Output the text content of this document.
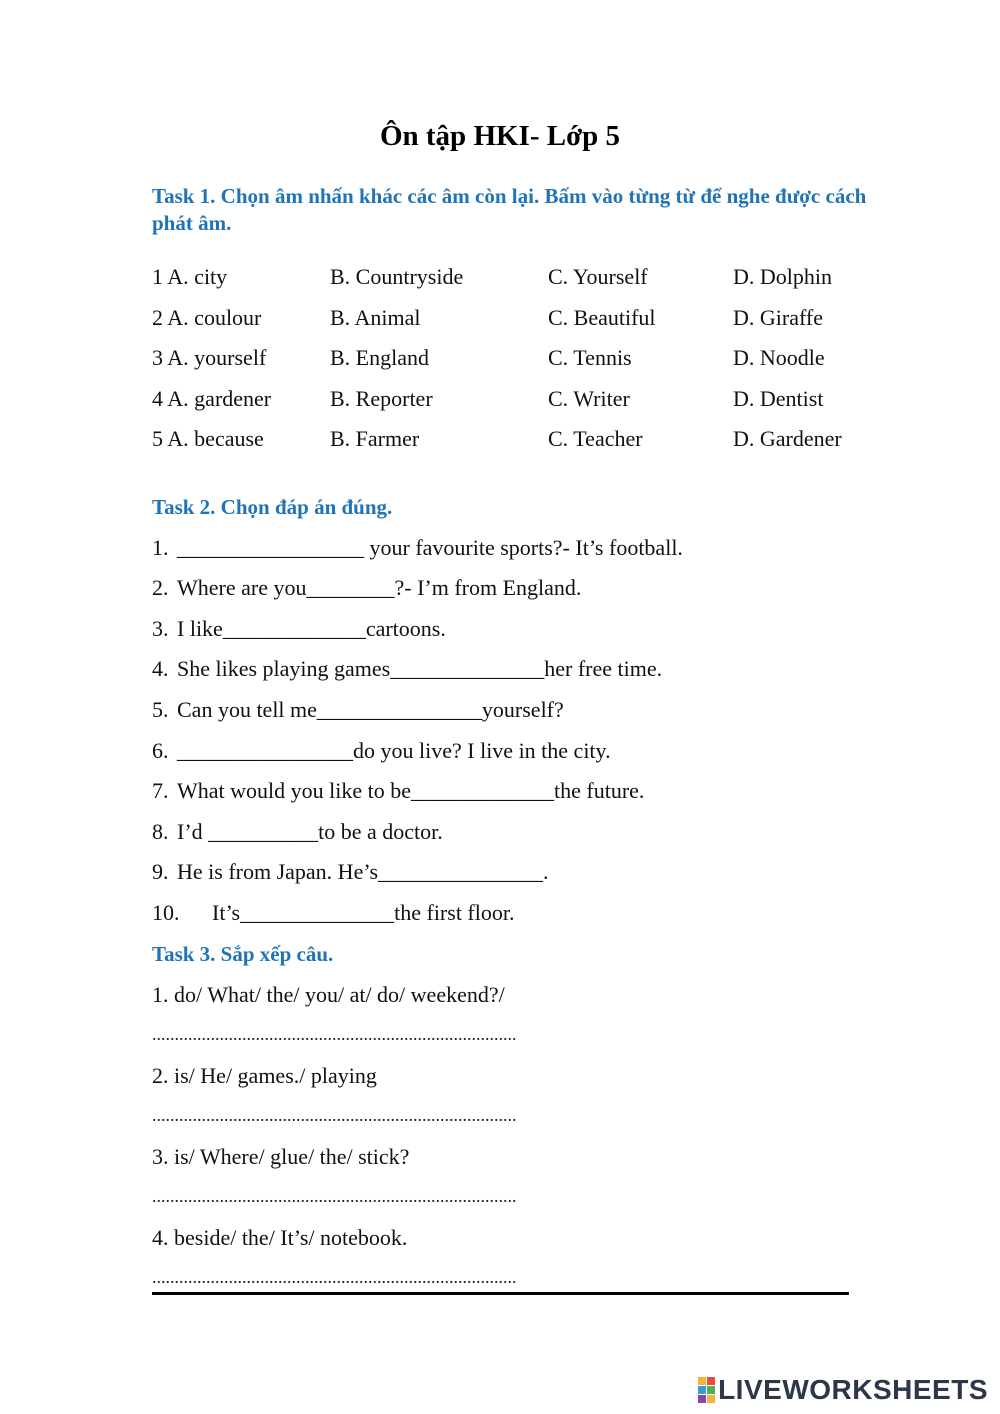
Ôn tập HKI- Lớp 5
Task 1. Chọn âm nhấn khác các âm còn lại. Bấm vào từng từ để nghe được cách phát âm.
1 A. city	B. Countryside	C. Yourself	D. Dolphin
2 A. coulour	B. Animal	C. Beautiful	D. Giraffe
3 A. yourself	B. England	C. Tennis	D. Noodle
4 A. gardener	B. Reporter	C. Writer	D. Dentist
5 A. because	B. Farmer	C. Teacher	D. Gardener
Task 2. Chọn đáp án đúng.
1. _________________ your favourite sports?- It’s football.
2. Where are you________?- I’m from England.
3. I like_____________cartoons.
4. She likes playing games______________her free time.
5. Can you tell me_______________yourself?
6. ________________do you live? I live in the city.
7. What would you like to be_____________the future.
8. I’d __________to be a doctor.
9. He is from Japan. He’s_______________.
10. It’s______________the first floor.
Task 3. Sắp xếp câu.
1. do/ What/ the/ you/ at/ do/ weekend?/
.................................................................................
2. is/ He/ games./ playing
.................................................................................
3. is/ Where/ glue/ the/ stick?
.................................................................................
4. beside/ the/ It’s/ notebook.
.................................................................................
LIVEWORKSHEETS
